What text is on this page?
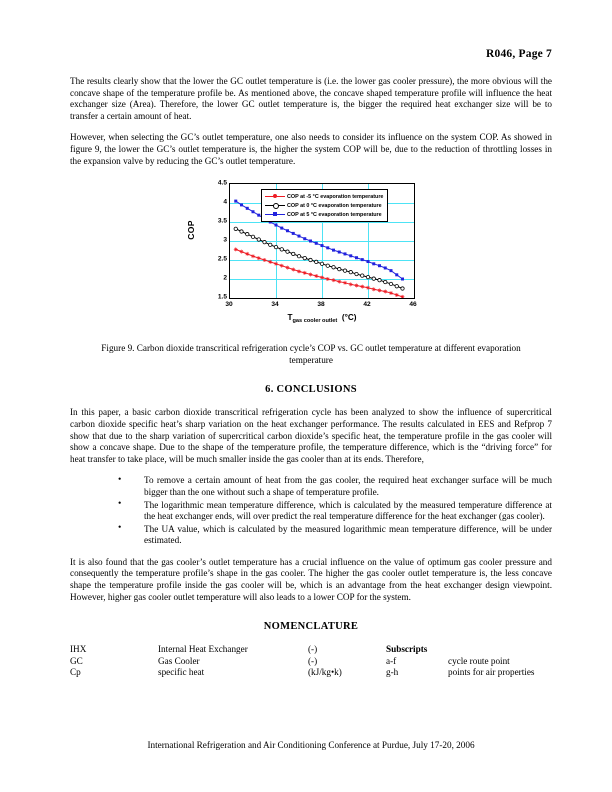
R046, Page 7

The results clearly show that the lower the GC outlet temperature is (i.e. the lower gas cooler pressure), the more obvious will the concave shape of the temperature profile be. As mentioned above, the concave shaped temperature profile will influence the heat exchanger size (Area). Therefore, the lower GC outlet temperature is, the bigger the required heat exchanger size will be to transfer a certain amount of heat.

However, when selecting the GC’s outlet temperature, one also needs to consider its influence on the system COP. As showed in figure 9, the lower the GC’s outlet temperature is, the higher the system COP will be, due to the reduction of throttling losses in the expansion valve by reducing the GC’s outlet temperature.

1.5
2
2.5
3
3.5
4
4.5
COP
30	34	38	42	46
$T_{gas cooler outlet}$ (°C)
COP at -5 °C evaporation temperature
COP at 0 °C evaporation temperature
COP at 5 °C evaporation temperature
Figure 9. Carbon dioxide transcritical refrigeration cycle’s COP vs. GC outlet temperature at different evaporation temperature
6. CONCLUSIONS

In this paper, a basic carbon dioxide transcritical refrigeration cycle has been analyzed to show the influence of supercritical carbon dioxide specific heat’s sharp variation on the heat exchanger performance. The results calculated in EES and Refprop 7 show that due to the sharp variation of supercritical carbon dioxide’s specific heat, the temperature profile in the gas cooler will show a concave shape. Due to the shape of the temperature profile, the temperature difference, which is the “driving force” for heat transfer to take place, will be much smaller inside the gas cooler than at its ends. Therefore,

• To remove a certain amount of heat from the gas cooler, the required heat exchanger surface will be much bigger than the one without such a shape of temperature profile.
• The logarithmic mean temperature difference, which is calculated by the measured temperature difference at the heat exchanger ends, will over predict the real temperature difference for the heat exchanger (gas cooler).
• The UA value, which is calculated by the measured logarithmic mean temperature difference, will be under estimated.

It is also found that the gas cooler’s outlet temperature has a crucial influence on the value of optimum gas cooler pressure and consequently the temperature profile’s shape in the gas cooler. The higher the gas cooler outlet temperature is, the less concave shape the temperature profile inside the gas cooler will be, which is an advantage from the heat exchanger design viewpoint. However, higher gas cooler outlet temperature will also leads to a lower COP for the system.

NOMENCLATURE
IHX	Internal Heat Exchanger	(-)	Subscripts	
GC	Gas Cooler	(-)	a-f	cycle route point
Cp	specific heat	(kJ/kg•k)	g-h	points for air properties
International Refrigeration and Air Conditioning Conference at Purdue, July 17-20, 2006
